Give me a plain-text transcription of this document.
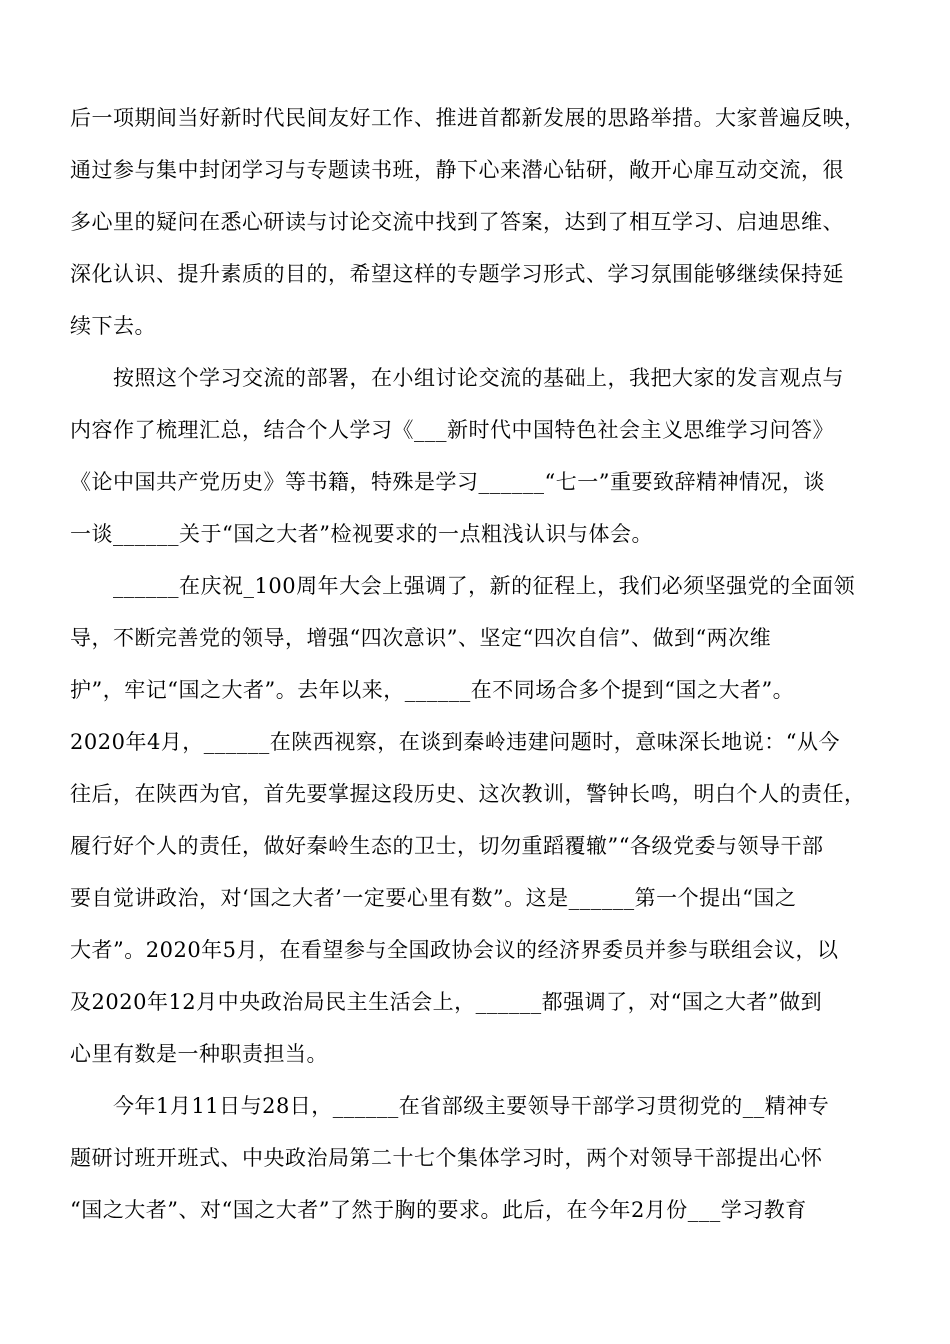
后一项期间当好新时代民间友好工作、推进首都新发展的思路举措。大家普遍反映，
通过参与集中封闭学习与专题读书班，静下心来潜心钻研，敞开心扉互动交流，很
多心里的疑问在悉心研读与讨论交流中找到了答案，达到了相互学习、启迪思维、
深化认识、提升素质的目的，希望这样的专题学习形式、学习氛围能够继续保持延
续下去。

　　按照这个学习交流的部署，在小组讨论交流的基础上，我把大家的发言观点与
内容作了梳理汇总，结合个人学习《___新时代中国特色社会主义思维学习问答》
《论中国共产党历史》等书籍，特殊是学习______“七一”重要致辞精神情况，谈
一谈______关于“国之大者”检视要求的一点粗浅认识与体会。

　　______在庆祝_100周年大会上强调了，新的征程上，我们必须坚强党的全面领
导，不断完善党的领导，增强“四次意识”、坚定“四次自信”、做到“两次维
护”，牢记“国之大者”。去年以来，______在不同场合多个提到“国之大者”。
2020年4月，______在陕西视察，在谈到秦岭违建问题时，意味深长地说：“从今
往后，在陕西为官，首先要掌握这段历史、这次教训，警钟长鸣，明白个人的责任，
履行好个人的责任，做好秦岭生态的卫士，切勿重蹈覆辙”“各级党委与领导干部
要自觉讲政治，对‘国之大者’一定要心里有数”。这是______第一个提出“国之
大者”。2020年5月，在看望参与全国政协会议的经济界委员并参与联组会议，以
及2020年12月中央政治局民主生活会上，______都强调了，对“国之大者”做到
心里有数是一种职责担当。

　　今年1月11日与28日，______在省部级主要领导干部学习贯彻党的__精神专
题研讨班开班式、中央政治局第二十七个集体学习时，两个对领导干部提出心怀
“国之大者”、对“国之大者”了然于胸的要求。此后，在今年2月份___学习教育
